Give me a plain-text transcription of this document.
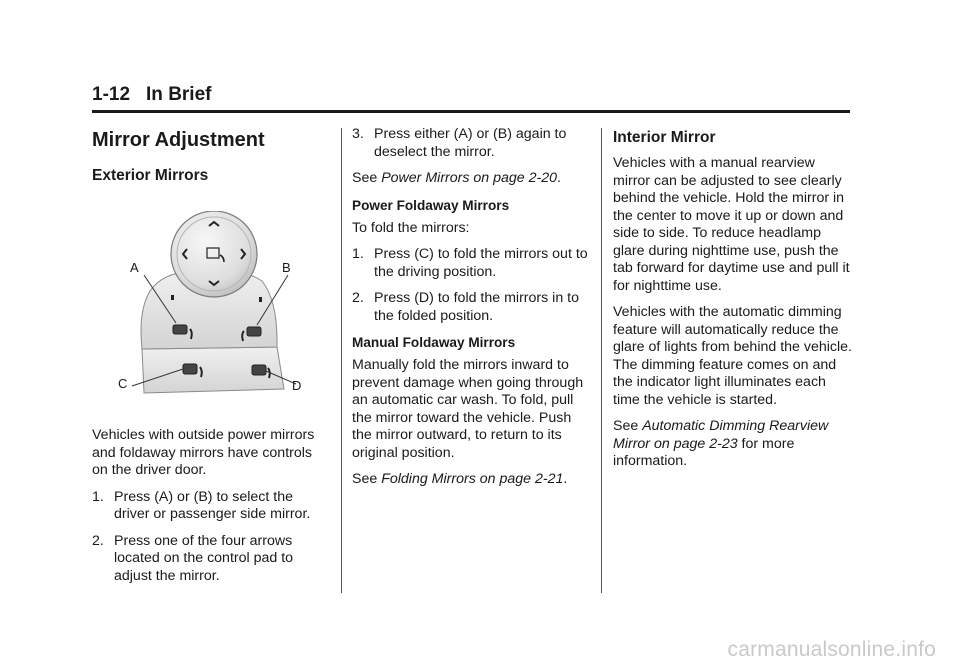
1-12 In Brief
Mirror Adjustment
Exterior Mirrors
A	B
C	D

Vehicles with outside power mirrors and foldaway mirrors have controls on the driver door.

1. Press (A) or (B) to select the driver or passenger side mirror.
2. Press one of the four arrows located on the control pad to adjust the mirror.
3. Press either (A) or (B) again to deselect the mirror.

See Power Mirrors on page 2-20.

Power Foldaway Mirrors

To fold the mirrors:

1. Press (C) to fold the mirrors out to the driving position.
2. Press (D) to fold the mirrors in to the folded position.
Manual Foldaway Mirrors

Manually fold the mirrors inward to prevent damage when going through an automatic car wash. To fold, pull the mirror toward the vehicle. Push the mirror outward, to return to its original position.

See Folding Mirrors on page 2-21.

Interior Mirror

Vehicles with a manual rearview mirror can be adjusted to see clearly behind the vehicle. Hold the mirror in the center to move it up or down and side to side. To reduce headlamp glare during nighttime use, push the tab forward for daytime use and pull it for nighttime use.

Vehicles with the automatic dimming feature will automatically reduce the glare of lights from behind the vehicle. The dimming feature comes on and the indicator light illuminates each time the vehicle is started.

See Automatic Dimming Rearview Mirror on page 2-23 for more information.

carmanualsonline.info
